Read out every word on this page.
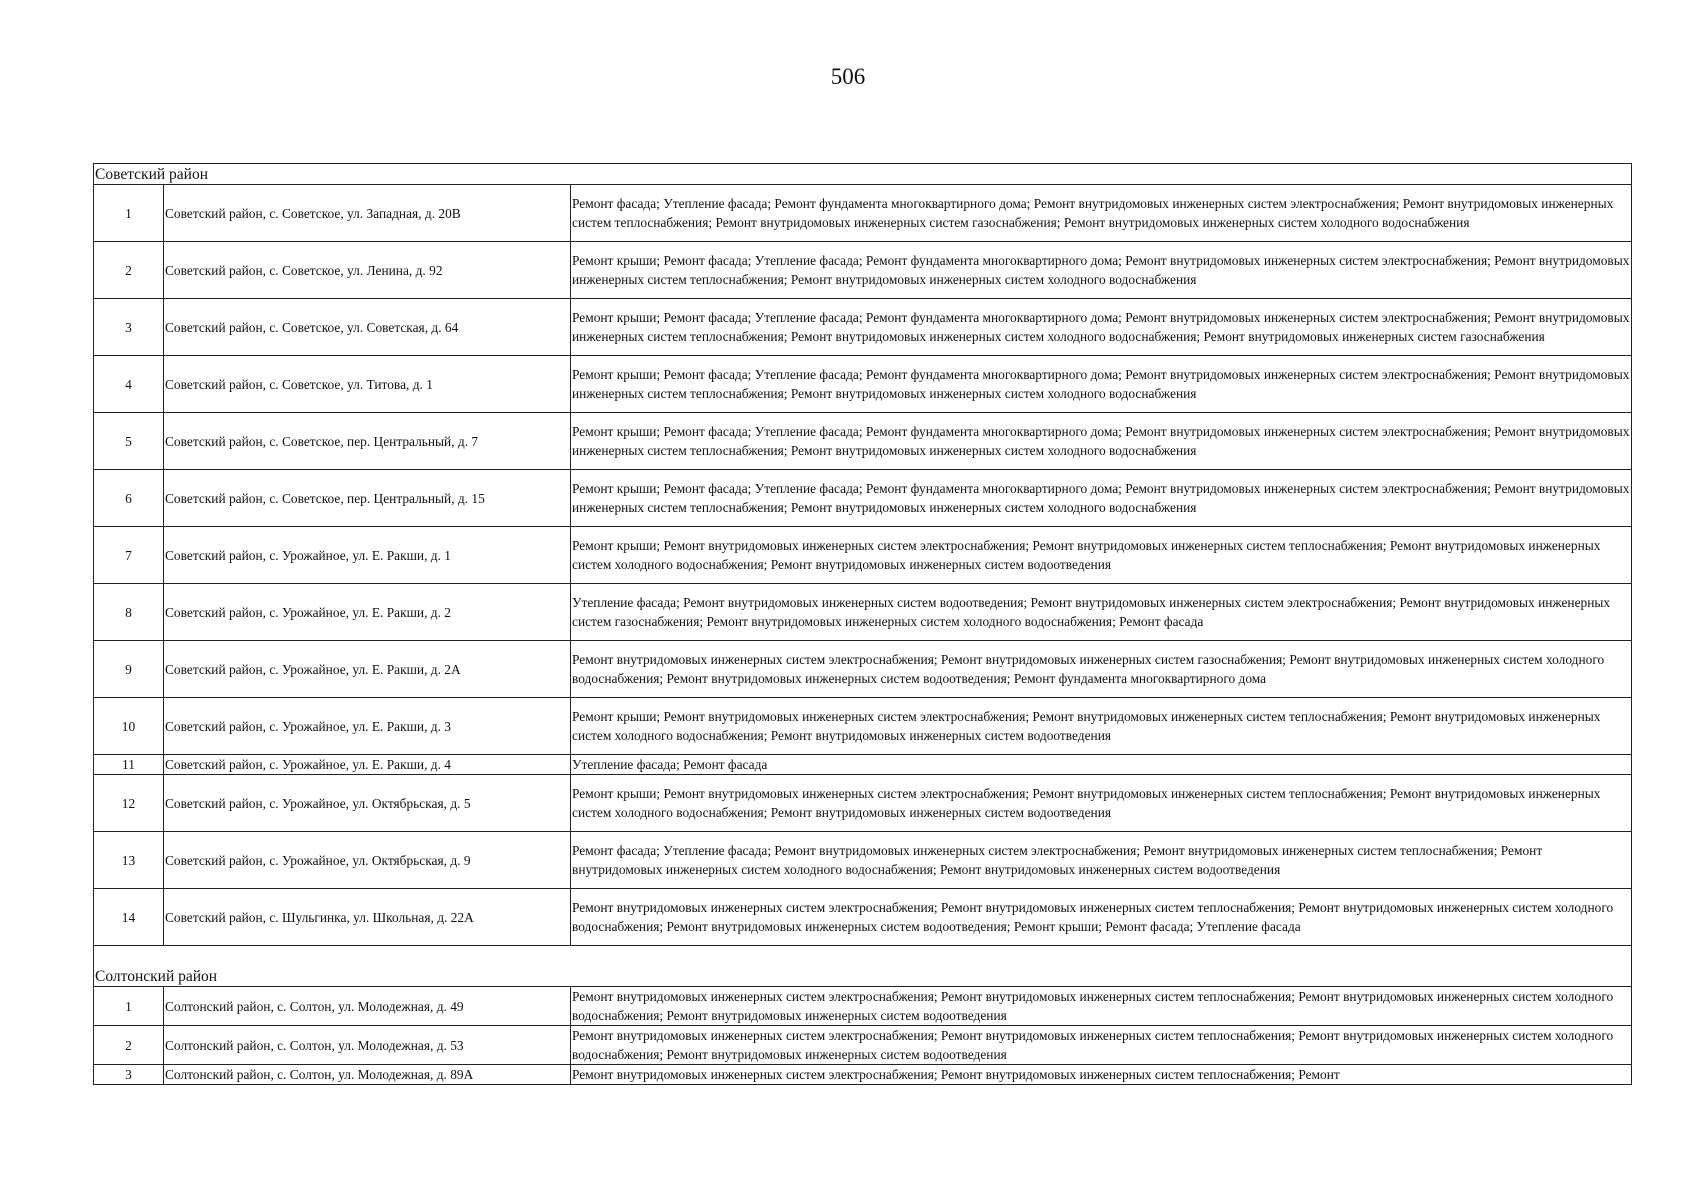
506
Советский район		
1	Советский район, с. Советское, ул. Западная, д. 20В	Ремонт фасада; Утепление фасада; Ремонт фундамента многоквартирного дома; Ремонт внутридомовых инженерных систем электроснабжения; Ремонт внутридомовых инженерных систем теплоснабжения; Ремонт внутридомовых инженерных систем газоснабжения; Ремонт внутридомовых инженерных систем холодного водоснабжения
2	Советский район, с. Советское, ул. Ленина, д. 92	Ремонт крыши; Ремонт фасада; Утепление фасада; Ремонт фундамента многоквартирного дома; Ремонт внутридомовых инженерных систем электроснабжения; Ремонт внутридомовых инженерных систем теплоснабжения; Ремонт внутридомовых инженерных систем холодного водоснабжения
3	Советский район, с. Советское, ул. Советская, д. 64	Ремонт крыши; Ремонт фасада; Утепление фасада; Ремонт фундамента многоквартирного дома; Ремонт внутридомовых инженерных систем электроснабжения; Ремонт внутридомовых инженерных систем теплоснабжения; Ремонт внутридомовых инженерных систем холодного водоснабжения; Ремонт внутридомовых инженерных систем газоснабжения
4	Советский район, с. Советское, ул. Титова, д. 1	Ремонт крыши; Ремонт фасада; Утепление фасада; Ремонт фундамента многоквартирного дома; Ремонт внутридомовых инженерных систем электроснабжения; Ремонт внутридомовых инженерных систем теплоснабжения; Ремонт внутридомовых инженерных систем холодного водоснабжения
5	Советский район, с. Советское, пер. Центральный, д. 7	Ремонт крыши; Ремонт фасада; Утепление фасада; Ремонт фундамента многоквартирного дома; Ремонт внутридомовых инженерных систем электроснабжения; Ремонт внутридомовых инженерных систем теплоснабжения; Ремонт внутридомовых инженерных систем холодного водоснабжения
6	Советский район, с. Советское, пер. Центральный, д. 15	Ремонт крыши; Ремонт фасада; Утепление фасада; Ремонт фундамента многоквартирного дома; Ремонт внутридомовых инженерных систем электроснабжения; Ремонт внутридомовых инженерных систем теплоснабжения; Ремонт внутридомовых инженерных систем холодного водоснабжения
7	Советский район, с. Урожайное, ул. Е. Ракши, д. 1	Ремонт крыши; Ремонт внутридомовых инженерных систем электроснабжения; Ремонт внутридомовых инженерных систем теплоснабжения; Ремонт внутридомовых инженерных систем холодного водоснабжения; Ремонт внутридомовых инженерных систем водоотведения
8	Советский район, с. Урожайное, ул. Е. Ракши, д. 2	Утепление фасада; Ремонт внутридомовых инженерных систем водоотведения; Ремонт внутридомовых инженерных систем электроснабжения; Ремонт внутридомовых инженерных систем газоснабжения; Ремонт внутридомовых инженерных систем холодного водоснабжения; Ремонт фасада
9	Советский район, с. Урожайное, ул. Е. Ракши, д. 2А	Ремонт внутридомовых инженерных систем электроснабжения; Ремонт внутридомовых инженерных систем газоснабжения; Ремонт внутридомовых инженерных систем холодного водоснабжения; Ремонт внутридомовых инженерных систем водоотведения; Ремонт фундамента многоквартирного дома
10	Советский район, с. Урожайное, ул. Е. Ракши, д. 3	Ремонт крыши; Ремонт внутридомовых инженерных систем электроснабжения; Ремонт внутридомовых инженерных систем теплоснабжения; Ремонт внутридомовых инженерных систем холодного водоснабжения; Ремонт внутридомовых инженерных систем водоотведения
11	Советский район, с. Урожайное, ул. Е. Ракши, д. 4	Утепление фасада; Ремонт фасада
12	Советский район, с. Урожайное, ул. Октябрьская, д. 5	Ремонт крыши; Ремонт внутридомовых инженерных систем электроснабжения; Ремонт внутридомовых инженерных систем теплоснабжения; Ремонт внутридомовых инженерных систем холодного водоснабжения; Ремонт внутридомовых инженерных систем водоотведения
13	Советский район, с. Урожайное, ул. Октябрьская, д. 9	Ремонт фасада; Утепление фасада; Ремонт внутридомовых инженерных систем электроснабжения; Ремонт внутридомовых инженерных систем теплоснабжения; Ремонт внутридомовых инженерных систем холодного водоснабжения; Ремонт внутридомовых инженерных систем водоотведения
14	Советский район, с. Шульгинка, ул. Школьная, д. 22А	Ремонт внутридомовых инженерных систем электроснабжения; Ремонт внутридомовых инженерных систем теплоснабжения; Ремонт внутридомовых инженерных систем холодного водоснабжения; Ремонт внутридомовых инженерных систем водоотведения; Ремонт крыши; Ремонт фасада; Утепление фасада
Солтонский район		
1	Солтонский район, с. Солтон, ул. Молодежная, д. 49	Ремонт внутридомовых инженерных систем электроснабжения; Ремонт внутридомовых инженерных систем теплоснабжения; Ремонт внутридомовых инженерных систем холодного водоснабжения; Ремонт внутридомовых инженерных систем водоотведения
2	Солтонский район, с. Солтон, ул. Молодежная, д. 53	Ремонт внутридомовых инженерных систем электроснабжения; Ремонт внутридомовых инженерных систем теплоснабжения; Ремонт внутридомовых инженерных систем холодного водоснабжения; Ремонт внутридомовых инженерных систем водоотведения
3	Солтонский район, с. Солтон, ул. Молодежная, д. 89А	Ремонт внутридомовых инженерных систем электроснабжения; Ремонт внутридомовых инженерных систем теплоснабжения; Ремонт
